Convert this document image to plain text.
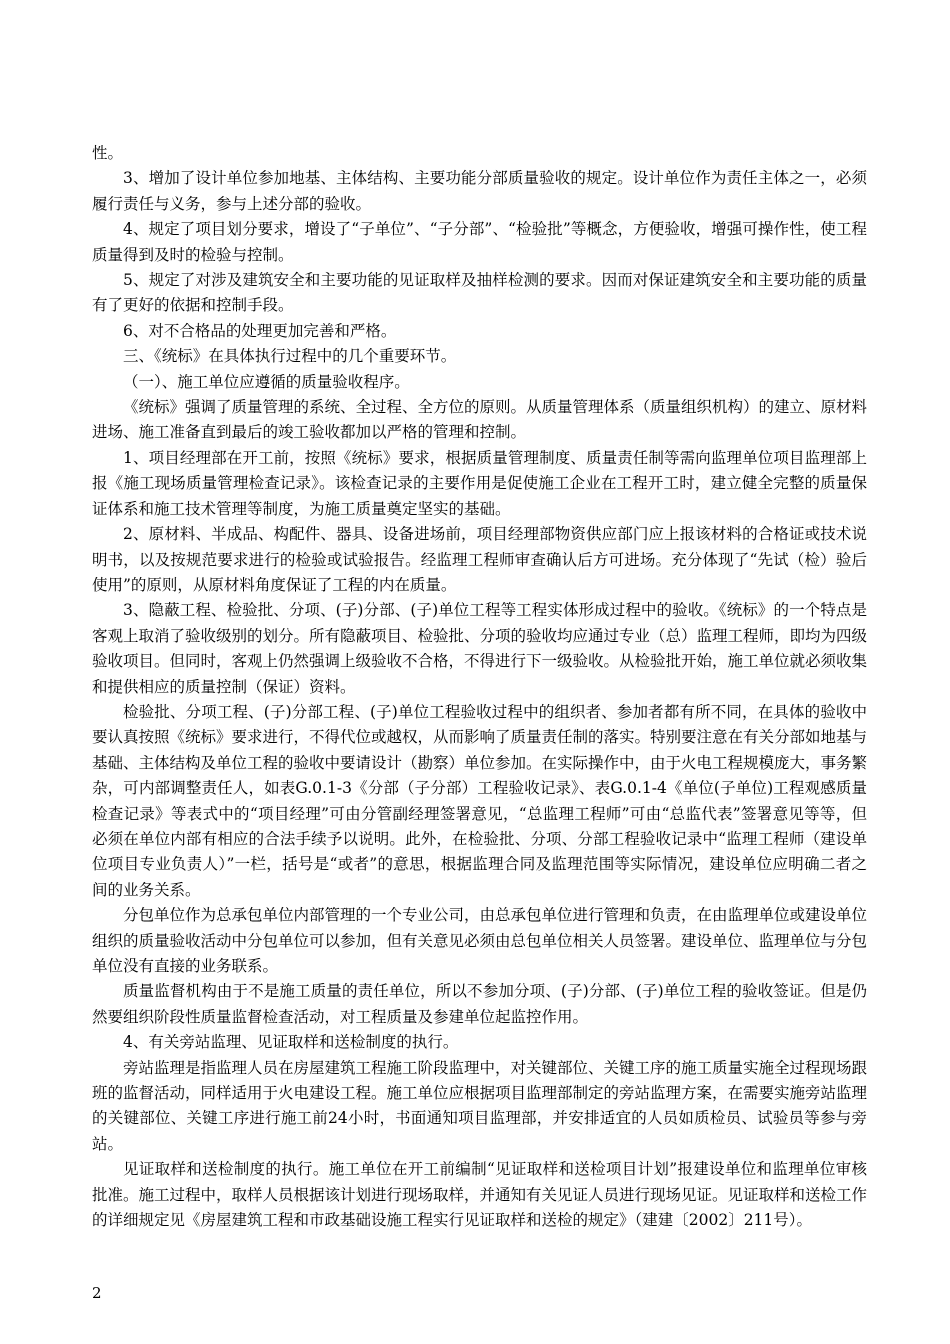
性。

3、增加了设计单位参加地基、主体结构、主要功能分部质量验收的规定。设计单位作为责任主体之一，必须履行责任与义务，参与上述分部的验收。

4、规定了项目划分要求，增设了“子单位”、“子分部”、“检验批”等概念，方便验收，增强可操作性，使工程质量得到及时的检验与控制。

5、规定了对涉及建筑安全和主要功能的见证取样及抽样检测的要求。因而对保证建筑安全和主要功能的质量有了更好的依据和控制手段。

6、对不合格品的处理更加完善和严格。

三、《统标》在具体执行过程中的几个重要环节。

（一）、施工单位应遵循的质量验收程序。

《统标》强调了质量管理的系统、全过程、全方位的原则。从质量管理体系（质量组织机构）的建立、原材料进场、施工准备直到最后的竣工验收都加以严格的管理和控制。

1、项目经理部在开工前，按照《统标》要求，根据质量管理制度、质量责任制等需向监理单位项目监理部上报《施工现场质量管理检查记录》。该检查记录的主要作用是促使施工企业在工程开工时，建立健全完整的质量保证体系和施工技术管理等制度，为施工质量奠定坚实的基础。

2、原材料、半成品、构配件、器具、设备进场前，项目经理部物资供应部门应上报该材料的合格证或技术说明书，以及按规范要求进行的检验或试验报告。经监理工程师审查确认后方可进场。充分体现了“先试（检）验后使用”的原则，从原材料角度保证了工程的内在质量。

3、隐蔽工程、检验批、分项、(子)分部、(子)单位工程等工程实体形成过程中的验收。《统标》的一个特点是客观上取消了验收级别的划分。所有隐蔽项目、检验批、分项的验收均应通过专业（总）监理工程师，即均为四级验收项目。但同时，客观上仍然强调上级验收不合格，不得进行下一级验收。从检验批开始，施工单位就必须收集和提供相应的质量控制（保证）资料。

检验批、分项工程、(子)分部工程、(子)单位工程验收过程中的组织者、参加者都有所不同，在具体的验收中要认真按照《统标》要求进行，不得代位或越权，从而影响了质量责任制的落实。特别要注意在有关分部如地基与基础、主体结构及单位工程的验收中要请设计（勘察）单位参加。在实际操作中，由于火电工程规模庞大，事务繁杂，可内部调整责任人，如表G.0.1-3《分部（子分部）工程验收记录》、表G.0.1-4《单位(子单位)工程观感质量检查记录》等表式中的“项目经理”可由分管副经理签署意见，“总监理工程师”可由“总监代表”签署意见等等，但必须在单位内部有相应的合法手续予以说明。此外，在检验批、分项、分部工程验收记录中“监理工程师（建设单位项目专业负责人）”一栏，括号是“或者”的意思，根据监理合同及监理范围等实际情况，建设单位应明确二者之间的业务关系。

分包单位作为总承包单位内部管理的一个专业公司，由总承包单位进行管理和负责，在由监理单位或建设单位组织的质量验收活动中分包单位可以参加，但有关意见必须由总包单位相关人员签署。建设单位、监理单位与分包单位没有直接的业务联系。

质量监督机构由于不是施工质量的责任单位，所以不参加分项、(子)分部、(子)单位工程的验收签证。但是仍然要组织阶段性质量监督检查活动，对工程质量及参建单位起监控作用。

4、有关旁站监理、见证取样和送检制度的执行。

旁站监理是指监理人员在房屋建筑工程施工阶段监理中，对关键部位、关键工序的施工质量实施全过程现场跟班的监督活动，同样适用于火电建设工程。施工单位应根据项目监理部制定的旁站监理方案，在需要实施旁站监理的关键部位、关键工序进行施工前24小时，书面通知项目监理部，并安排适宜的人员如质检员、试验员等参与旁站。

见证取样和送检制度的执行。施工单位在开工前编制“见证取样和送检项目计划”报建设单位和监理单位审核批准。施工过程中，取样人员根据该计划进行现场取样，并通知有关见证人员进行现场见证。见证取样和送检工作的详细规定见《房屋建筑工程和市政基础设施工程实行见证取样和送检的规定》（建建〔2002〕211号）。

2
